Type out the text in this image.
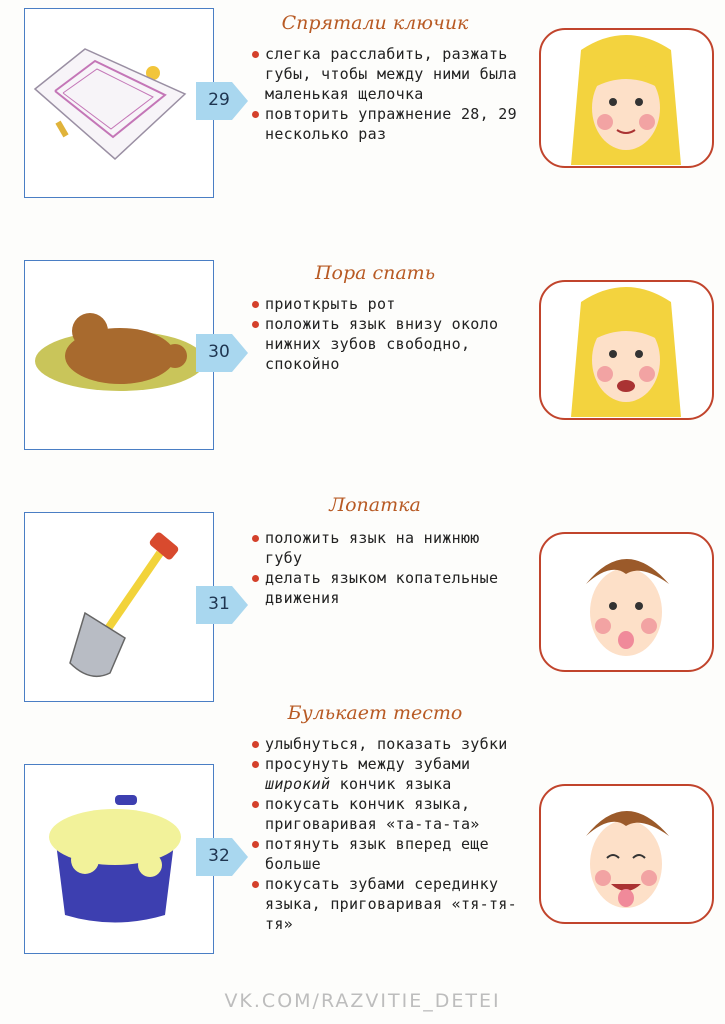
29
Спрятали ключик
слегка расслабить, разжать губы, чтобы между ними была маленькая щелочка
повторить упражнение 28, 29 несколько раз
30
Пора спать
приоткрыть рот
положить язык внизу около нижних зубов свободно, спокойно
31
Лопатка
положить язык на нижнюю губу
делать языком копательные движения
32
Булькает тесто
улыбнуться, показать зубки
просунуть между зубами широкий кончик языка
покусать кончик языка, приговаривая «та-та-та»
потянуть язык вперед еще больше
покусать зубами серединку языка, приговаривая «тя-тя-тя»
VK.COM/RAZVITIE_DETEI
